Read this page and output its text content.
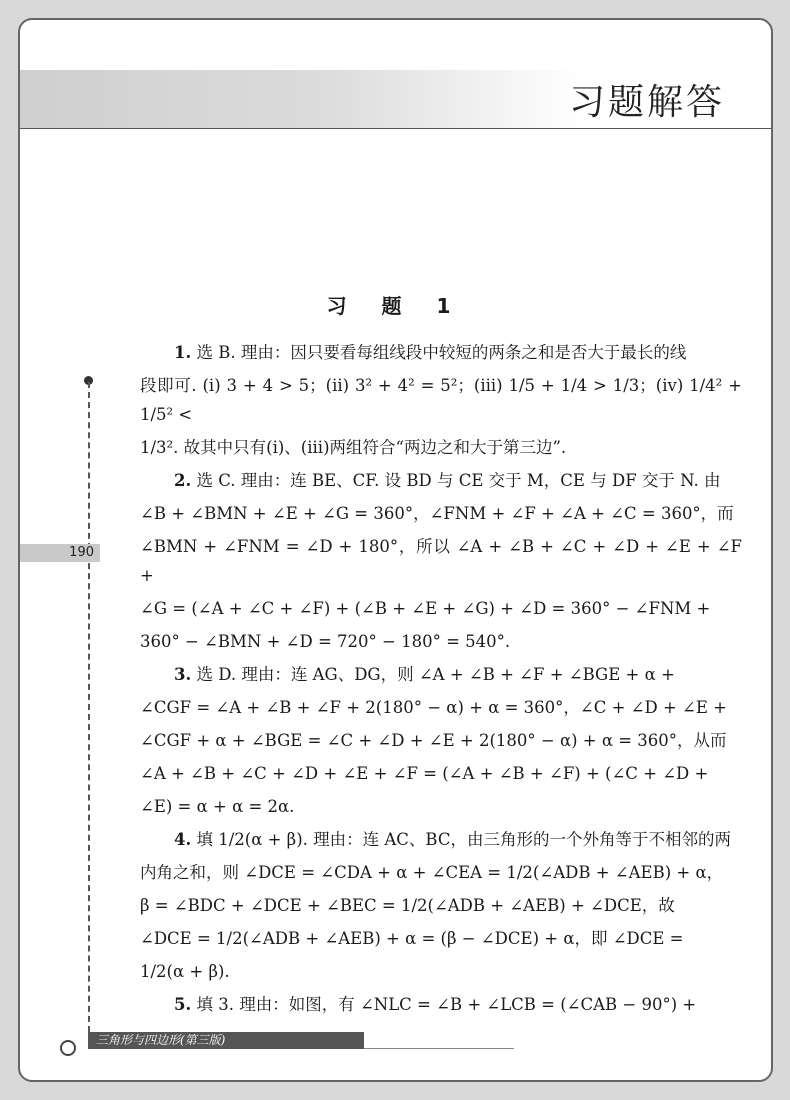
习题解答
190
习 题 1

1. 选 B. 理由：因只要看每组线段中较短的两条之和是否大于最长的线

段即可. (i) 3 + 4 > 5；(ii) 3² + 4² = 5²；(iii) 1/5 + 1/4 > 1/3；(iv) 1/4² + 1/5² <

1/3². 故其中只有(i)、(iii)两组符合“两边之和大于第三边”.

2. 选 C. 理由：连 BE、CF. 设 BD 与 CE 交于 M，CE 与 DF 交于 N. 由

∠B + ∠BMN + ∠E + ∠G = 360°，∠FNM + ∠F + ∠A + ∠C = 360°，而

∠BMN + ∠FNM = ∠D + 180°，所以 ∠A + ∠B + ∠C + ∠D + ∠E + ∠F +

∠G = (∠A + ∠C + ∠F) + (∠B + ∠E + ∠G) + ∠D = 360° − ∠FNM +

360° − ∠BMN + ∠D = 720° − 180° = 540°.

3. 选 D. 理由：连 AG、DG，则 ∠A + ∠B + ∠F + ∠BGE + α +

∠CGF = ∠A + ∠B + ∠F + 2(180° − α) + α = 360°，∠C + ∠D + ∠E +

∠CGF + α + ∠BGE = ∠C + ∠D + ∠E + 2(180° − α) + α = 360°，从而

∠A + ∠B + ∠C + ∠D + ∠E + ∠F = (∠A + ∠B + ∠F) + (∠C + ∠D +

∠E) = α + α = 2α.

4. 填 1/2(α + β). 理由：连 AC、BC，由三角形的一个外角等于不相邻的两

内角之和，则 ∠DCE = ∠CDA + α + ∠CEA = 1/2(∠ADB + ∠AEB) + α，

β = ∠BDC + ∠DCE + ∠BEC = 1/2(∠ADB + ∠AEB) + ∠DCE，故

∠DCE = 1/2(∠ADB + ∠AEB) + α = (β − ∠DCE) + α，即 ∠DCE =

1/2(α + β).

5. 填 3. 理由：如图，有 ∠NLC = ∠B + ∠LCB = (∠CAB − 90°) +

三角形与四边形(第三版)
